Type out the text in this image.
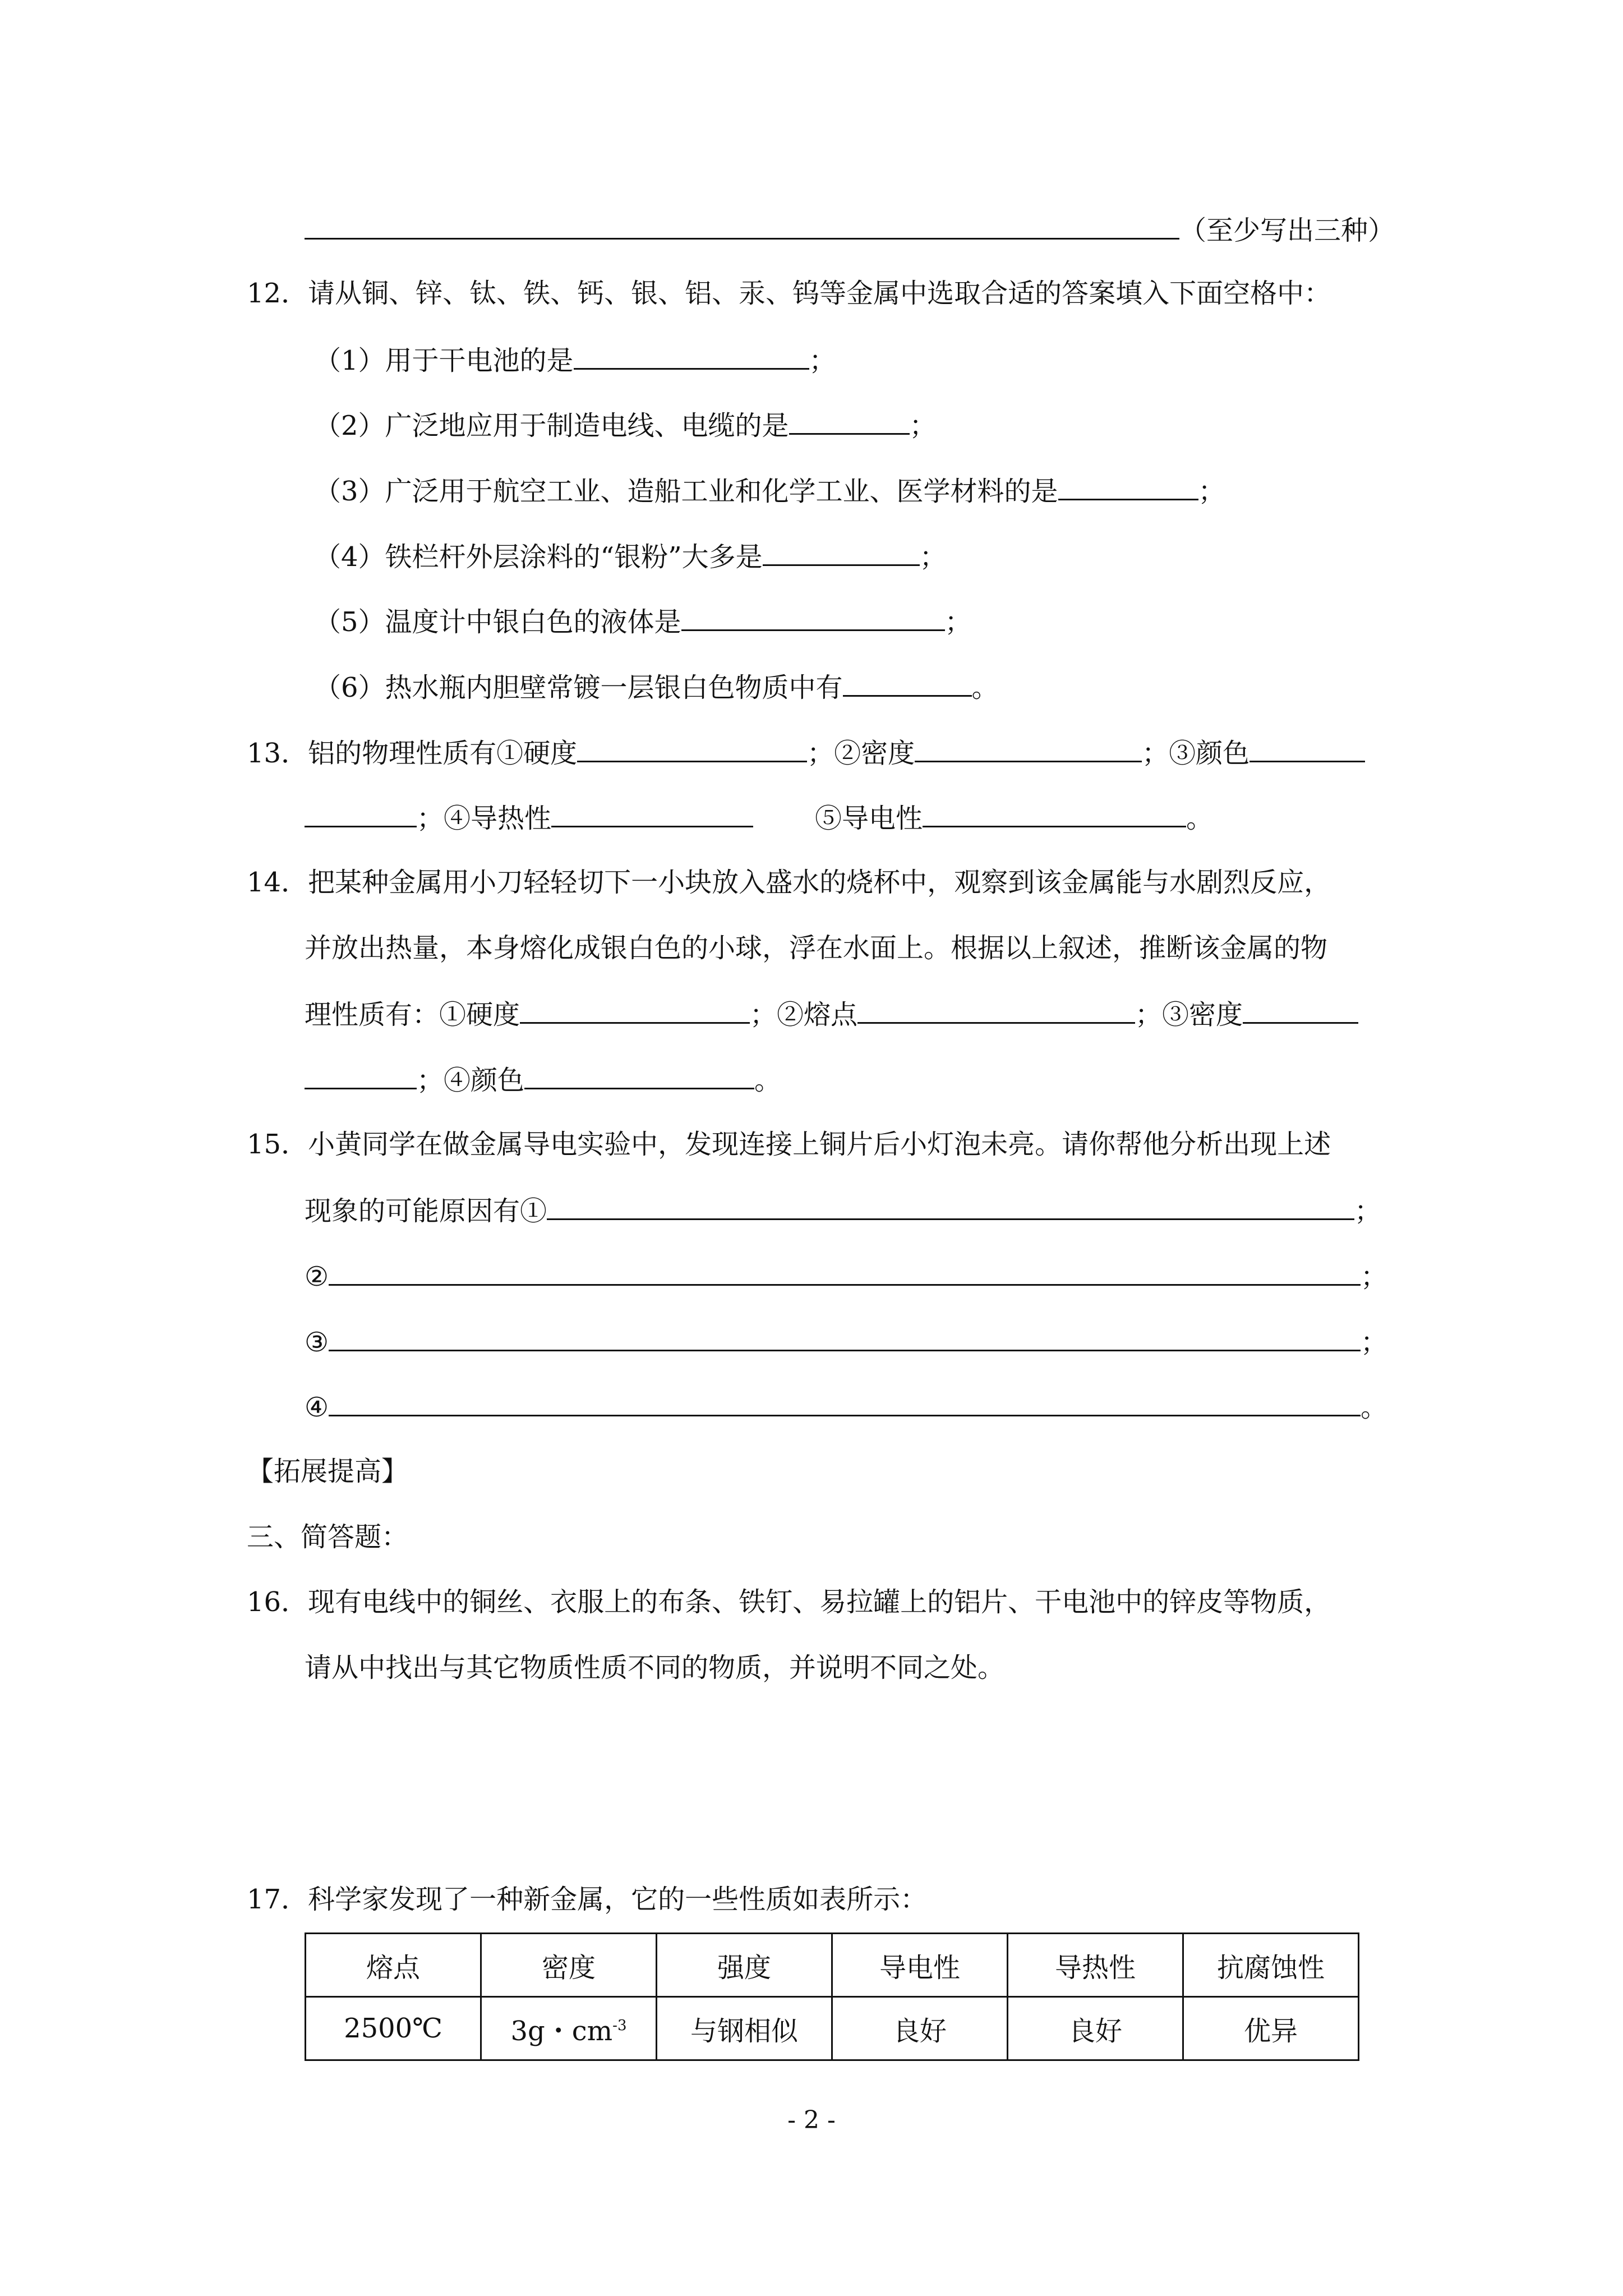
（至少写出三种）
12．请从铜、锌、钛、铁、钙、银、铝、汞、钨等金属中选取合适的答案填入下面空格中：
（1）用于干电池的是	；
（2）广泛地应用于制造电线、电缆的是	；
（3）广泛用于航空工业、造船工业和化学工业、医学材料的是	；
（4）铁栏杆外层涂料的“银粉”大多是	；
（5）温度计中银白色的液体是	；
（6）热水瓶内胆壁常镀一层银白色物质中有	。
13．铝的物理性质有①硬度	；②密度	；③颜色
；④导热性	⑤导电性	。
14．把某种金属用小刀轻轻切下一小块放入盛水的烧杯中，观察到该金属能与水剧烈反应，
并放出热量，本身熔化成银白色的小球，浮在水面上。根据以上叙述，推断该金属的物
理性质有：①硬度	；②熔点	；③密度
；④颜色	。
15．小黄同学在做金属导电实验中，发现连接上铜片后小灯泡未亮。请你帮他分析出现上述
现象的可能原因有①	；
②	；
③	；
④	。
【拓展提高】
三、简答题：
16．现有电线中的铜丝、衣服上的布条、铁钉、易拉罐上的铝片、干电池中的锌皮等物质，
请从中找出与其它物质性质不同的物质，并说明不同之处。
17．科学家发现了一种新金属，它的一些性质如表所示：
熔点	密度	强度	导电性	导热性	抗腐蚀性
2500℃	3g・$cm^{-3}$	与钢相似	良好	良好	优异
- 2 -
